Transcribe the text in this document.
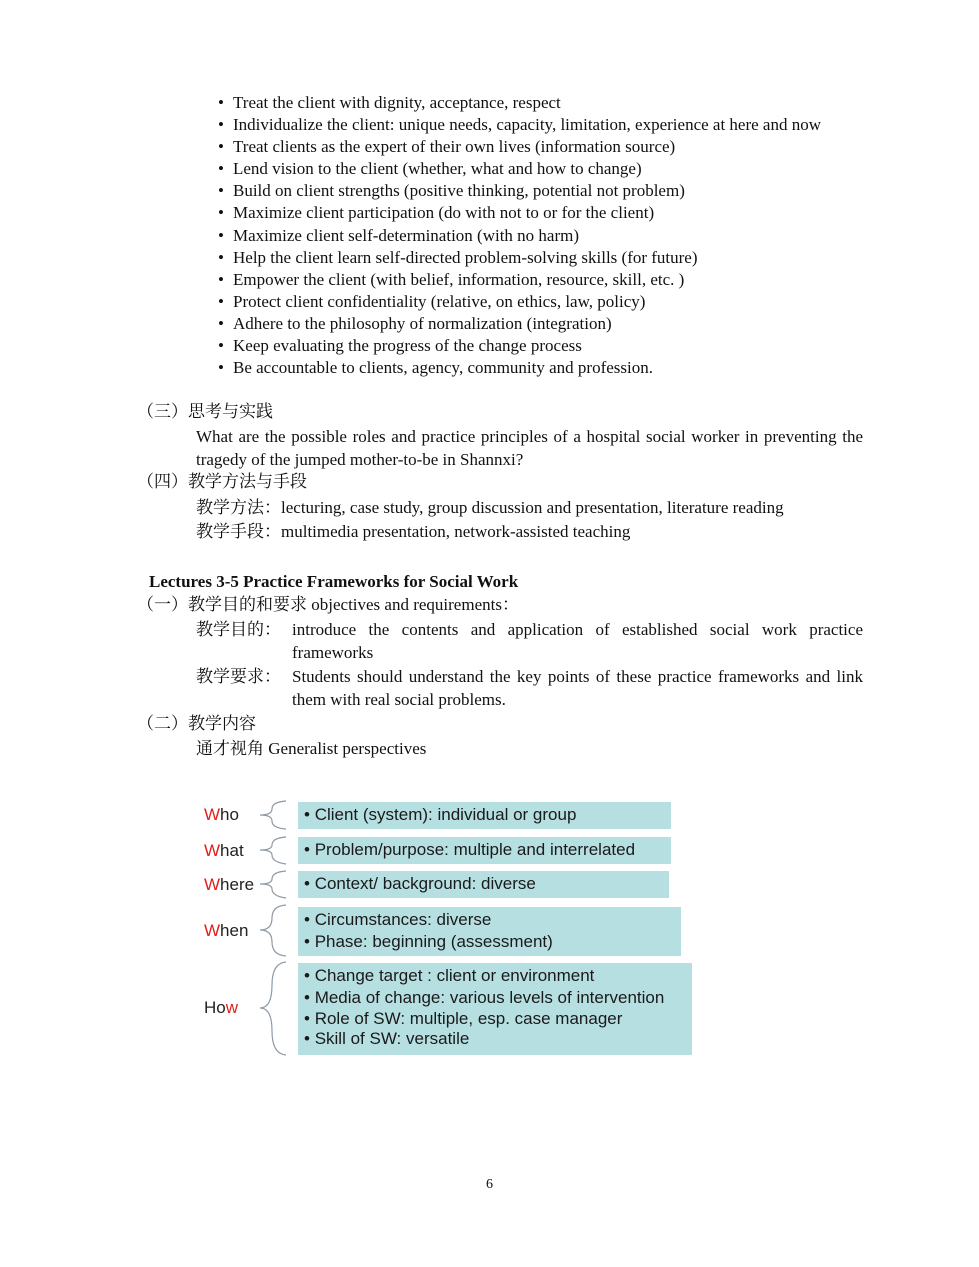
• Treat the client with dignity, acceptance, respect
• Individualize the client: unique needs, capacity, limitation, experience at here and now
• Treat clients as the expert of their own lives (information source)
• Lend vision to the client (whether, what and how to change)
• Build on client strengths (positive thinking, potential not problem)
• Maximize client participation (do with not to or for the client)
• Maximize client self-determination (with no harm)
• Help the client learn self-directed problem-solving skills (for future)
• Empower the client (with belief, information, resource, skill, etc. )
• Protect client confidentiality (relative, on ethics, law, policy)
• Adhere to the philosophy of normalization (integration)
• Keep evaluating the progress of the change process
• Be accountable to clients, agency, community and profession.
（三）思考与实践
What are the possible roles and practice principles of a hospital social worker in preventing the tragedy of the jumped mother-to-be in Shannxi?
（四）教学方法与手段
教学方法：lecturing, case study, group discussion and presentation, literature reading
教学手段：multimedia presentation, network-assisted teaching
Lectures 3-5 Practice Frameworks for Social Work
（一）教学目的和要求 objectives and requirements：
教学目的： introduce the contents and application of established social work practice frameworks
教学要求： Students should understand the key points of these practice frameworks and link them with real social problems.
（二）教学内容
通才视角 Generalist perspectives
Who
What
Where
When
How
• Client (system): individual or group
• Problem/purpose: multiple and interrelated
• Context/ background: diverse
• Circumstances: diverse
• Phase: beginning (assessment)
• Change target : client or environment
• Media of change: various levels of intervention
• Role of SW: multiple, esp. case manager
• Skill of SW: versatile
6
